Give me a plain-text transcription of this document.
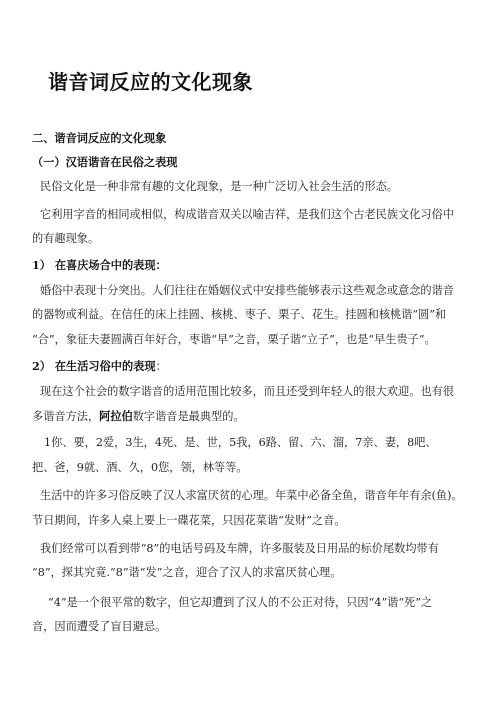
谐音词反应的文化现象
二、谐音词反应的文化现象
（一）汉语谐音在民俗之表现
民俗文化是一种非常有趣的文化现象，是一种广泛切入社会生活的形态。
它利用字音的相同或相似，构成谐音双关以喻吉祥，是我们这个古老民族文化习俗中
的有趣现象。
1） 在喜庆场合中的表现：
婚俗中表现十分突出。人们往往在婚姻仪式中安排些能够表示这些观念或意念的谐音
的器物或利益。在信任的床上挂圆、核桃、枣子、栗子、花生。挂圆和核桃谐“圆”和
“合”，象征夫妻圆满百年好合，枣谐“早”之音，栗子谐“立子”，也是“早生贵子”。
2） 在生活习俗中的表现：
现在这个社会的数字谐音的适用范围比较多，而且还受到年轻人的很大欢迎。也有很
多谐音方法，阿拉伯数字谐音是最典型的。
1你、要，2爱，3生，4死、是、世，5我，6路、留、六、溜，7亲、妻，8吧、
把、爸，9就、酒、久，0您，领，林等等。
生活中的许多习俗反映了汉人求富厌贫的心理。年菜中必备全鱼，谐音年年有余(鱼)。
节日期间，许多人桌上要上一碟花菜，只因花菜谐“发财”之音。
我们经常可以看到带“8”的电话号码及车牌，许多服装及日用品的标价尾数均带有
“8”，探其究竟.“8”谐“发”之音，迎合了汉人的求富厌贫心理。
“4”是一个很平常的数字，但它却遭到了汉人的不公正对待，只因“4”谐“死”之
音，因而遭受了盲目避忌。
